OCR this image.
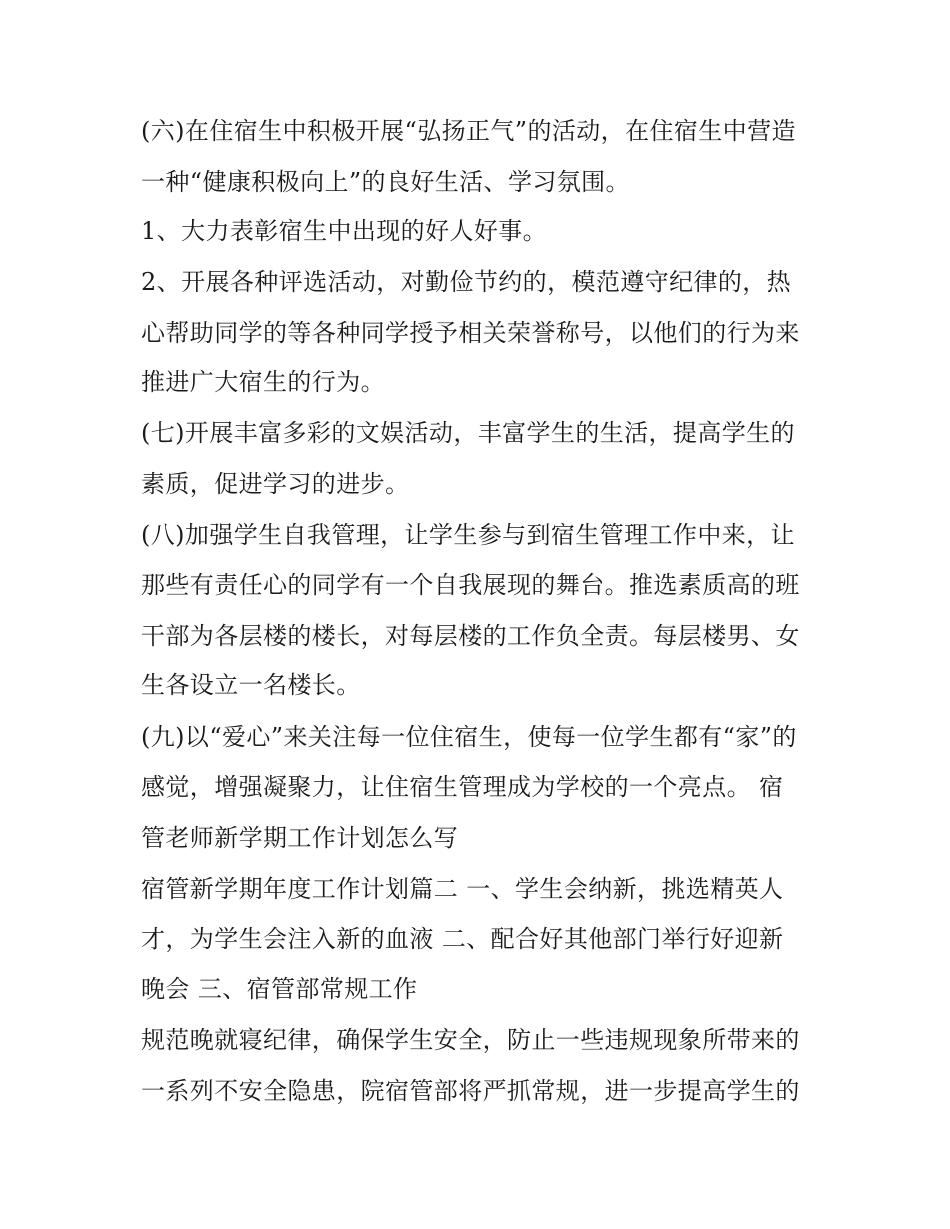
(六)在住宿生中积极开展“弘扬正气”的活动，在住宿生中营造
一种“健康积极向上”的良好生活、学习氛围。
1、大力表彰宿生中出现的好人好事。
2、开展各种评选活动，对勤俭节约的，模范遵守纪律的，热
心帮助同学的等各种同学授予相关荣誉称号，以他们的行为来
推进广大宿生的行为。
(七)开展丰富多彩的文娱活动，丰富学生的生活，提高学生的
素质，促进学习的进步。
(八)加强学生自我管理，让学生参与到宿生管理工作中来，让
那些有责任心的同学有一个自我展现的舞台。推选素质高的班
干部为各层楼的楼长，对每层楼的工作负全责。每层楼男、女
生各设立一名楼长。
(九)以“爱心”来关注每一位住宿生，使每一位学生都有“家”的
感觉，增强凝聚力，让住宿生管理成为学校的一个亮点。 宿
管老师新学期工作计划怎么写
宿管新学期年度工作计划篇二 一、学生会纳新，挑选精英人
才，为学生会注入新的血液 二、配合好其他部门举行好迎新
晚会 三、宿管部常规工作
规范晚就寝纪律，确保学生安全，防止一些违规现象所带来的
一系列不安全隐患，院宿管部将严抓常规，进一步提高学生的
